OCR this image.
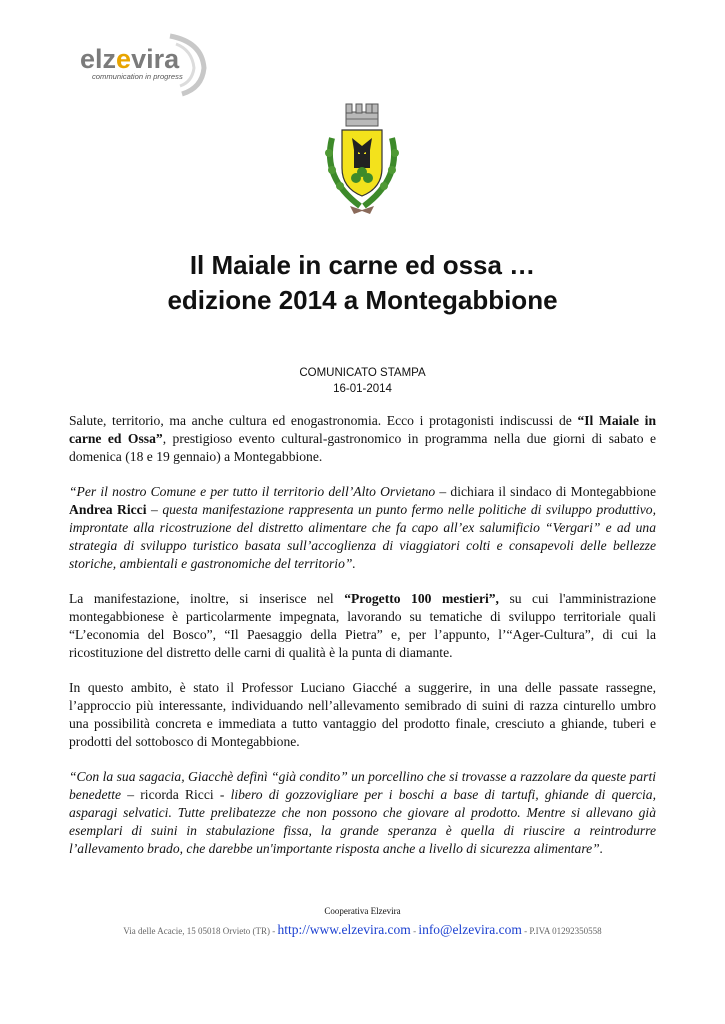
elzevira
communication in progress
Il Maiale in carne ed ossa …
edizione 2014 a Montegabbione
COMUNICATO STAMPA
16-01-2014

Salute, territorio, ma anche cultura ed enogastronomia. Ecco i protagonisti indiscussi de “Il Maiale in carne ed Ossa”, prestigioso evento cultural-gastronomico in programma nella due giorni di sabato e domenica (18 e 19 gennaio) a Montegabbione.

“Per il nostro Comune e per tutto il territorio dell’Alto Orvietano – dichiara il sindaco di Montegabbione Andrea Ricci – questa manifestazione rappresenta un punto fermo nelle politiche di sviluppo produttivo, improntate alla ricostruzione del distretto alimentare che fa capo all’ex salumificio “Vergari” e ad una strategia di sviluppo turistico basata sull’accoglienza di viaggiatori colti e consapevoli delle bellezze storiche, ambientali e gastronomiche del territorio”.

La manifestazione, inoltre, si inserisce nel “Progetto 100 mestieri”, su cui l'amministrazione montegabbionese è particolarmente impegnata, lavorando su tematiche di sviluppo territoriale quali “L’economia del Bosco”, “Il Paesaggio della Pietra” e, per l’appunto, l’“Ager-Cultura”, di cui la ricostituzione del distretto delle carni di qualità è la punta di diamante.

In questo ambito, è stato il Professor Luciano Giacché a suggerire, in una delle passate rassegne, l’approccio più interessante, individuando nell’allevamento semibrado di suini di razza cinturello umbro una possibilità concreta e immediata a tutto vantaggio del prodotto finale, cresciuto a ghiande, tuberi e prodotti del sottobosco di Montegabbione.

“Con la sua sagacia, Giacchè definì “già condito” un porcellino che si trovasse a razzolare da queste parti benedette – ricorda Ricci - libero di gozzovigliare per i boschi a base di tartufi, ghiande di quercia, asparagi selvatici. Tutte prelibatezze che non possono che giovare al prodotto. Mentre si allevano già esemplari di suini in stabulazione fissa, la grande speranza è quella di riuscire a reintrodurre l’allevamento brado, che darebbe un'importante risposta anche a livello di sicurezza alimentare”.

Cooperativa Elzevira
Via delle Acacie, 15 05018 Orvieto (TR) - http://www.elzevira.com - info@elzevira.com - P.IVA 01292350558
